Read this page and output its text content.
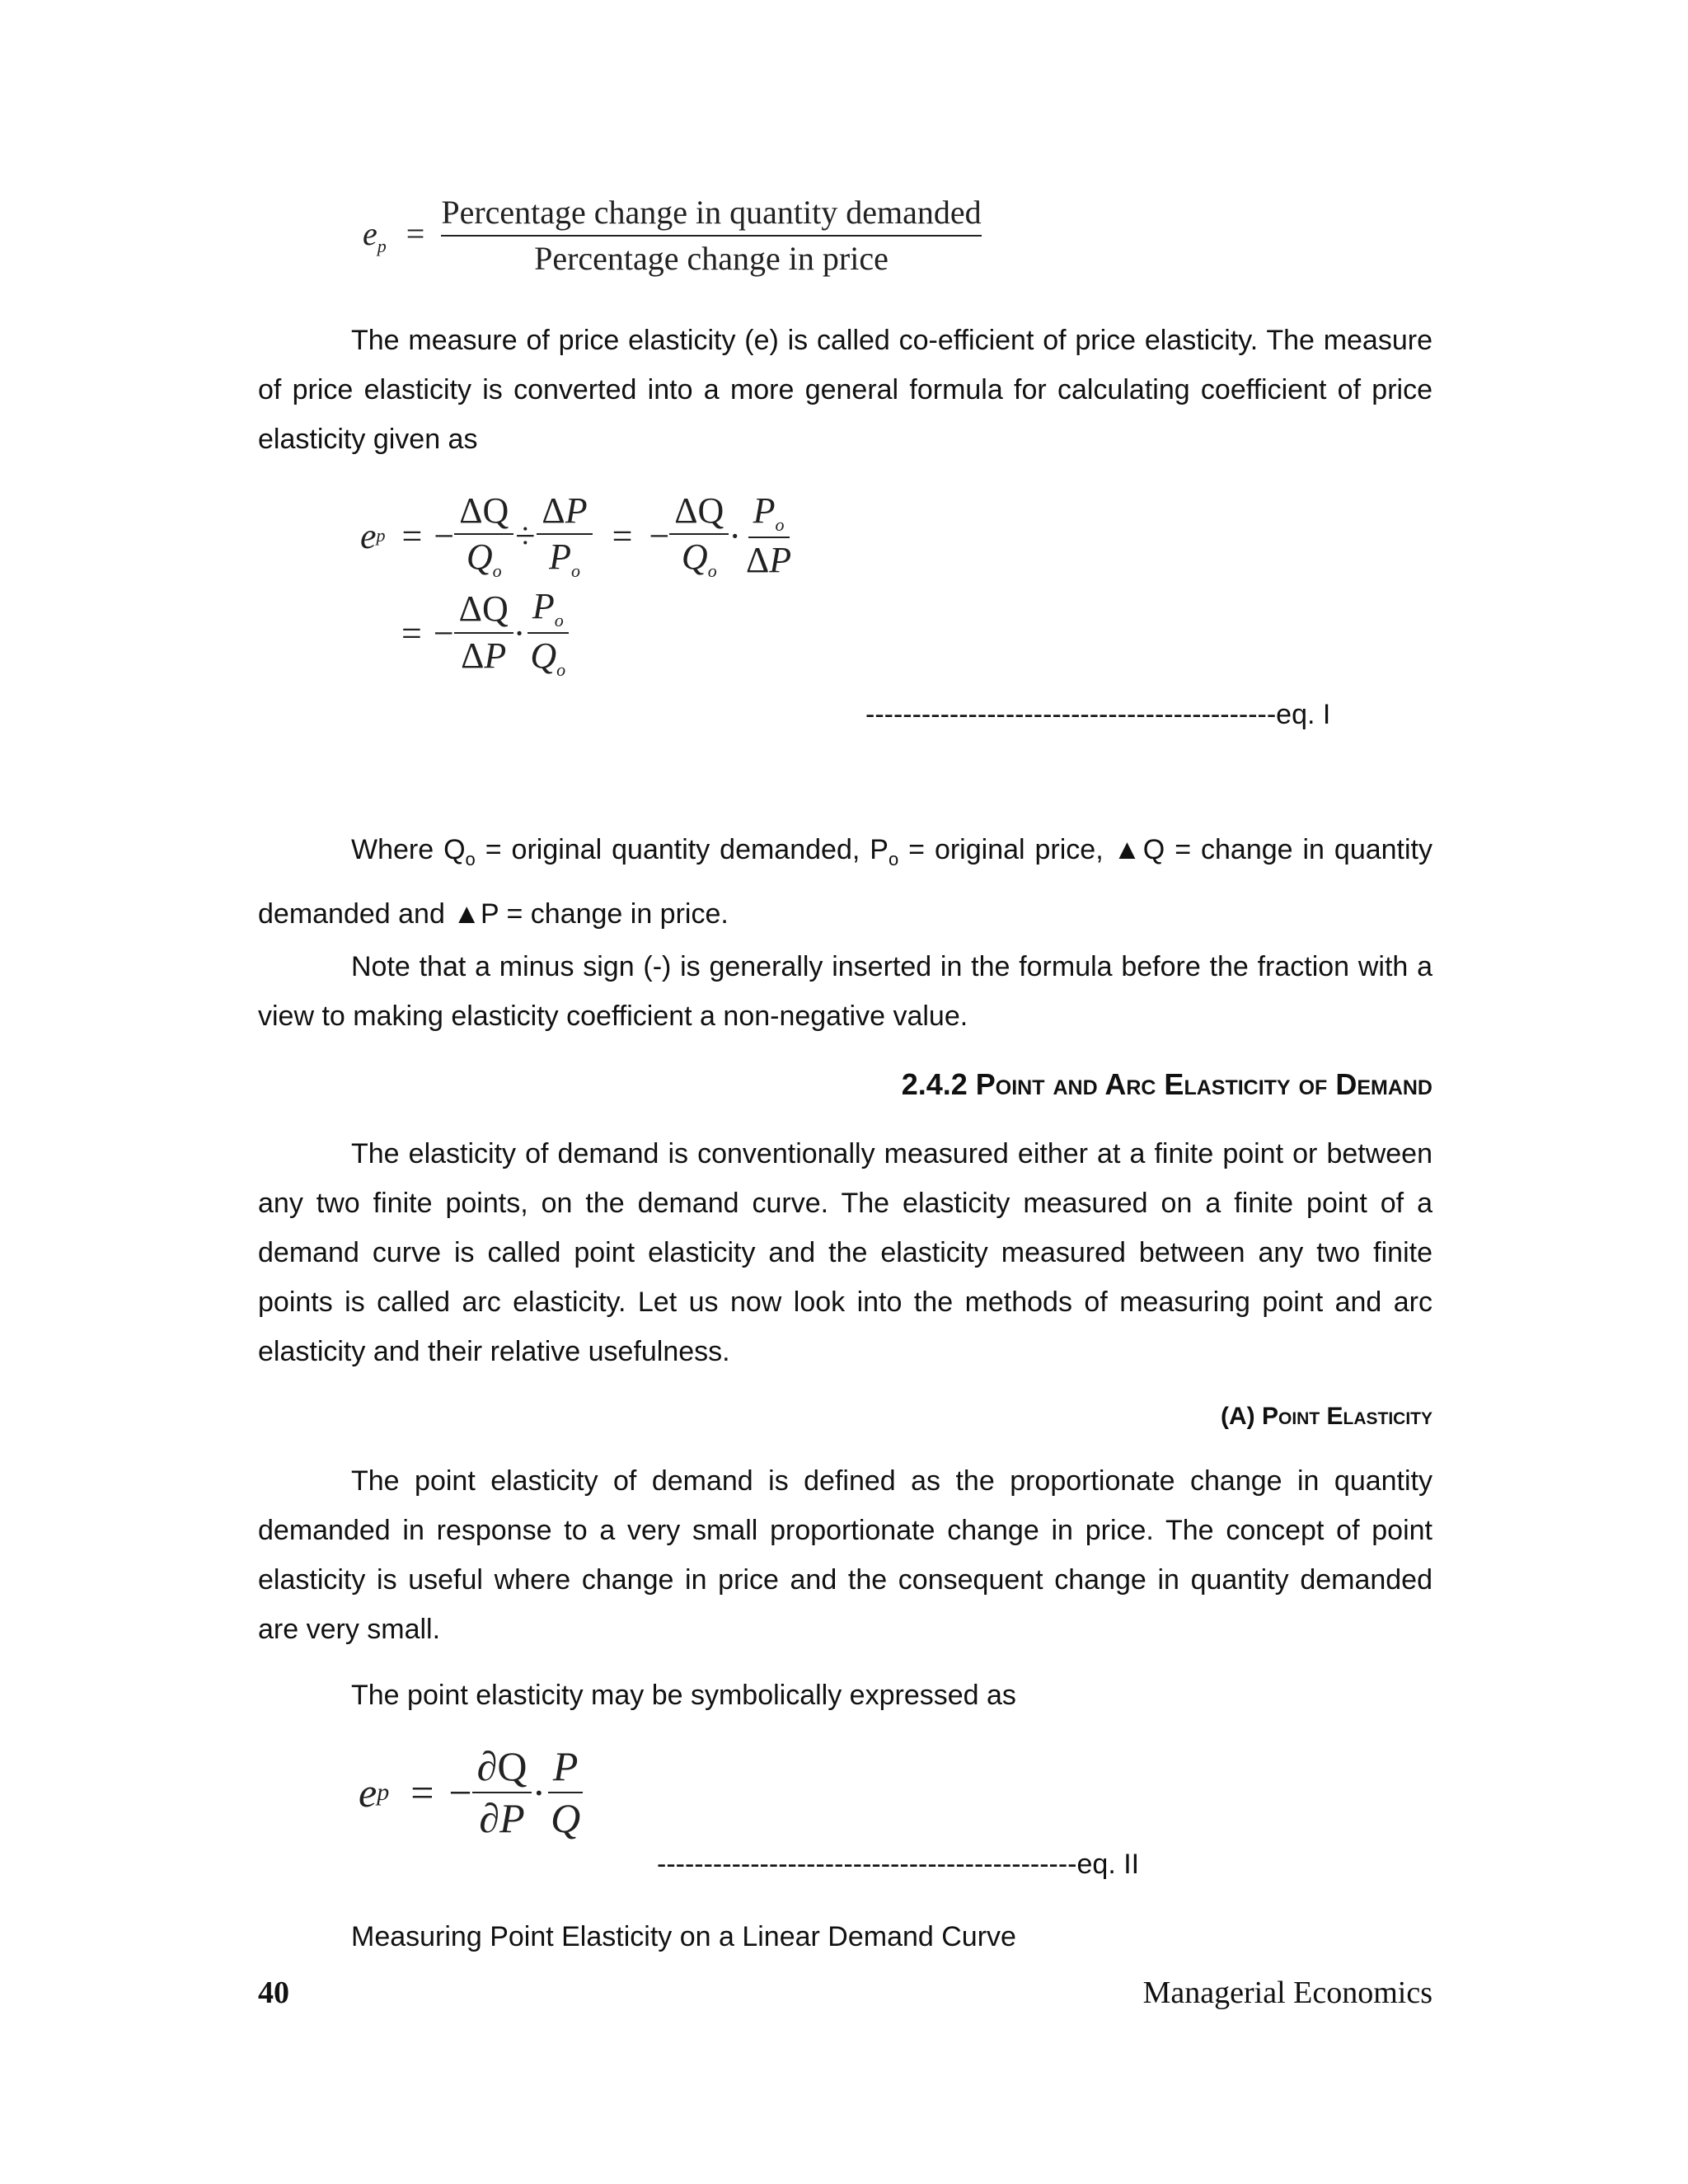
$e_p = \frac{\text{Percentage change in quantity demanded}}{\text{Percentage change in price}}$

The measure of price elasticity (e) is called co-efficient of price elasticity. The measure of price elasticity is converted into a more general formula for calculating coefficient of price elasticity given as

e p = − $\frac{\Delta Q}{Q_o} \div \frac{\Delta P}{P_o}$ = − $\frac{\Delta Q}{Q_o} \cdot \frac{P_o}{\Delta P}$
= − $\frac{\Delta Q}{\Delta P} \cdot \frac{P_o}{Q_o}$
--------------------------------------------eq. I

Where $Q_o$ = original quantity demanded, $P_o$ = original price, ▲Q = change in quantity demanded and ▲P = change in price.

Note that a minus sign (-) is generally inserted in the formula before the fraction with a view to making elasticity coefficient a non-negative value.

2.4.2 Point and Arc Elasticity of Demand

The elasticity of demand is conventionally measured either at a finite point or between any two finite points, on the demand curve. The elasticity measured on a finite point of a demand curve is called point elasticity and the elasticity measured between any two finite points is called arc elasticity. Let us now look into the methods of measuring point and arc elasticity and their relative usefulness.

(A) Point Elasticity

The point elasticity of demand is defined as the proportionate change in quantity demanded in response to a very small proportionate change in price. The concept of point elasticity is useful where change in price and the consequent change in quantity demanded are very small.

The point elasticity may be symbolically expressed as

e p = − $\frac{\partial Q}{\partial P} \cdot \frac{P}{Q}$
---------------------------------------------eq. II

Measuring Point Elasticity on a Linear Demand Curve

40	Managerial Economics
